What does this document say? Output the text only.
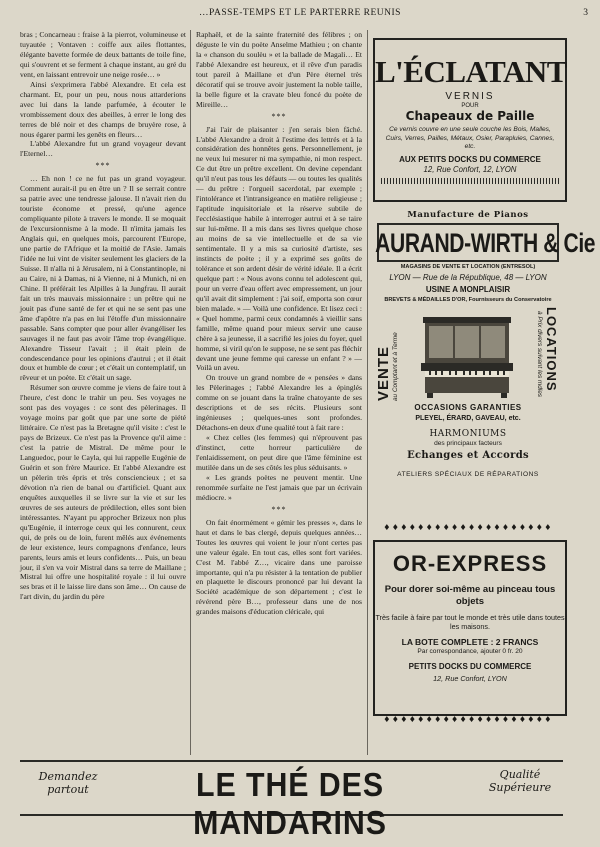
…PASSE-TEMPS ET LE PARTERRE REUNIS	3

bras ; Concarneau : fraise à la pierrot, volumineuse et tuyautée ; Vontaven : coiffe aux ailes flottantes, élégante bavette formée de deux battants de toile fine, qui s'ouvrent et se ferment à chaque instant, au gré du vent, en laissant entrevoir une neige rosée… »

Ainsi s'exprimera l'abbé Alexandre. Et cela est charmant. Et, pour un peu, nous nous attarderions avec lui dans la lande parfumée, à écouter le vrombissement doux des abeilles, à errer le long des terres de blé noir et des champs de bruyère rose, à nous égarer parmi les genêts en fleurs…

L'abbé Alexandre fut un grand voyageur devant l'Eternel…

***

… Eh non ! ce ne fut pas un grand voyageur. Comment aurait-il pu en être un ? Il se serrait contre sa patrie avec une tendresse jalouse. Il n'avait rien du touriste économe et pressé, qu'une agence compliquante pilote à travers le monde. Il se moquait de l'excursionnisme à la mode. Il n'imita jamais les Anglais qui, en quelques mois, parcourent l'Europe, une partie de l'Afrique et la moitié de l'Asie. Jamais l'idée ne lui vint de visiter seulement les glaciers de la Suisse. Il n'alla ni à Jérusalem, ni à Constantinople, ni au Caire, ni à Damas, ni à Vienne, ni à Munich, ni en Chine. Il préférait les Alpilles à la Jungfrau. Il aurait fait un très mauvais missionnaire : un prêtre qui ne jouit pas d'une santé de fer et qui ne se sent pas une âme d'apôtre n'a pas en lui l'étoffe d'un missionnaire passable. Sans compter que pour aller évangéliser les sauvages il ne faut pas avoir l'âme trop évangélique. Alexandre Tisseur l'avait ; il était plein de condescendance pour les opinions d'autrui ; et il était doux et humble de cœur ; et c'était un contemplatif, un rêveur et un poète. Et c'était un sage.

Résumer son œuvre comme je viens de faire tout à l'heure, c'est donc le trahir un peu. Ses voyages ne sont pas des voyages : ce sont des pèlerinages. Il voyage moins par goût que par une sorte de piété littéraire. Ce n'est pas la Bretagne qu'il visite : c'est le pays de Brizeux. Ce n'est pas la Provence qu'il aime : c'est la patrie de Mistral. De même pour le Languedoc, pour le Cayla, qui lui rappelle Eugénie de Guérin et son frère Maurice. Et l'abbé Alexandre est un pèlerin très épris et très consciencieux ; et sa dévotion n'a rien de banal ou d'artificiel. Quant aux enquêtes auxquelles il se livre sur la vie et sur les œuvres de ses auteurs de prédilection, elles sont bien intéressantes. N'ayant pu approcher Brizeux non plus qu'Eugénie, il interroge ceux qui les connurent, ceux qui, de près ou de loin, furent mêlés aux événements de leur existence, leurs compagnons d'enfance, leurs parents, leurs amis et leurs confidents… Puis, un beau jour, il s'en va voir Mistral dans sa terre de Maillane ; Mistral lui offre une hospitalité royale : il lui ouvre ses bras et il le laisse lire dans son âme… On cause de l'art divin, du jardin du père

Raphaël, et de la sainte fraternité des félibres ; on déguste le vin du poète Anselme Mathieu ; on chante la « chanson du soulèu » et la ballade de Magali… Et l'abbé Alexandre est heureux, et il rêve d'un paradis tout pareil à Maillane et d'un Père éternel très décoratif qui se trouve avoir justement la noble taille, la belle figure et la cravate bleu foncé du poète de Mireille…

***

J'ai l'air de plaisanter : j'en serais bien fâché. L'abbé Alexandre a droit à l'estime des lettrés et à la considération des honnêtes gens. Personnellement, je ne veux lui mesurer ni ma sympathie, ni mon respect. Ce dut être un prêtre excellent. On devine cependant qu'il n'eut pas tous les défauts — ou toutes les qualités — du prêtre : l'orgueil sacerdotal, par exemple ; l'intolérance et l'intransigeance en matière religieuse ; l'aptitude inquisitoriale et la réserve subtile de l'ecclésiastique habile à interroger autrui et à se taire sur lui-même. Il a mis dans ses livres quelque chose au moins de sa vie intellectuelle et de sa vie sentimentale. Il y a mis sa curiosité d'artiste, ses instincts de poète ; il y a exprimé ses goûts de tolérance et son ardent désir de vérité idéale. Il a écrit quelque part : « Nous avons connu tel adolescent qui, pour un verre d'eau offert avec empressement, un jour qu'il avait dit simplement : j'ai soif, emporta son cœur bien malade. » — Voilà une confidence. Et lisez ceci : « Quel homme, parmi ceux condamnés à vieillir sans famille, même quand pour mieux servir une cause chère à sa jeunesse, il a sacrifié les joies du foyer, quel homme, si viril qu'on le suppose, ne se sent pas fléchir devant une jeune femme qui caresse un enfant ? » — Voilà un aveu.

On trouve un grand nombre de « pensées » dans les Pèlerinages ; l'abbé Alexandre les a épinglés comme on se jouant dans la traîne chatoyante de ses descriptions et de ses récits. Plusieurs sont ingénieuses ; quelques-unes sont profondes. Détachons-en deux d'une qualité tout à fait rare :

« Chez celles (les femmes) qui n'éprouvent pas d'instinct, cette horreur particulière de l'enlaidissement, on peut dire que l'âme féminine est mutilée dans un de ses côtés les plus séduisants. »

« Les grands poètes ne peuvent mentir. Une renommée surfaite ne l'est jamais que par un écrivain médiocre. »

***

On fait énormément « gémir les presses », dans le haut et dans le bas clergé, depuis quelques années… Toutes les œuvres qui voient le jour n'ont certes pas une valeur égale. En tout cas, elles sont fort variées. C'est M. l'abbé Z…, vicaire dans une paroisse importante, qui n'a pu résister à la tentation de publier en plaquette le discours prononcé par lui devant la Société académique de son département ; c'est le révérend père B…, professeur dans une de nos grandes maisons d'éducation cléricale, qui

L'ÉCLATANT
VERNIS
POUR
Chapeaux de Paille
Ce vernis couvre en une seule couche les Bois, Malles, Cuirs, Verres, Pailles, Métaux, Osier, Parapluies, Cannes, etc.
AUX PETITS DOCKS DU COMMERCE
12, Rue Confort, 12, LYON
Manufacture de Pianos
AURAND-WIRTH & Cie
MAGASINS DE VENTE ET LOCATION (ENTRESOL)
LYON — Rue de la République, 48 — LYON
USINE A MONPLAISIR
BREVETS & MÉDAILLES D'OR, Fournisseurs du Conservatoire
VENTE au Comptant et à Terme	LOCATIONS
à Prix divers suivant les mdles
OCCASIONS GARANTIES
PLEYEL, ÉRARD, GAVEAU, etc.
HARMONIUMS
des principaux facteurs
Echanges et Accords
ATELIERS SPÉCIAUX DE RÉPARATIONS
♦♦♦♦♦♦♦♦♦♦♦♦♦♦♦♦♦♦♦♦
OR-EXPRESS
Pour dorer soi-même au pinceau tous objets
Très facile à faire par tout le monde et très utile dans toutes les maisons.
LA BOTE COMPLETE : 2 FRANCS
Par correspondance, ajouter 0 fr. 20
PETITS DOCKS DU COMMERCE
12, Rue Confort, LYON
♦♦♦♦♦♦♦♦♦♦♦♦♦♦♦♦♦♦♦♦
Demandez partout	LE THÉ DES MANDARINS
Qualité Supérieure
